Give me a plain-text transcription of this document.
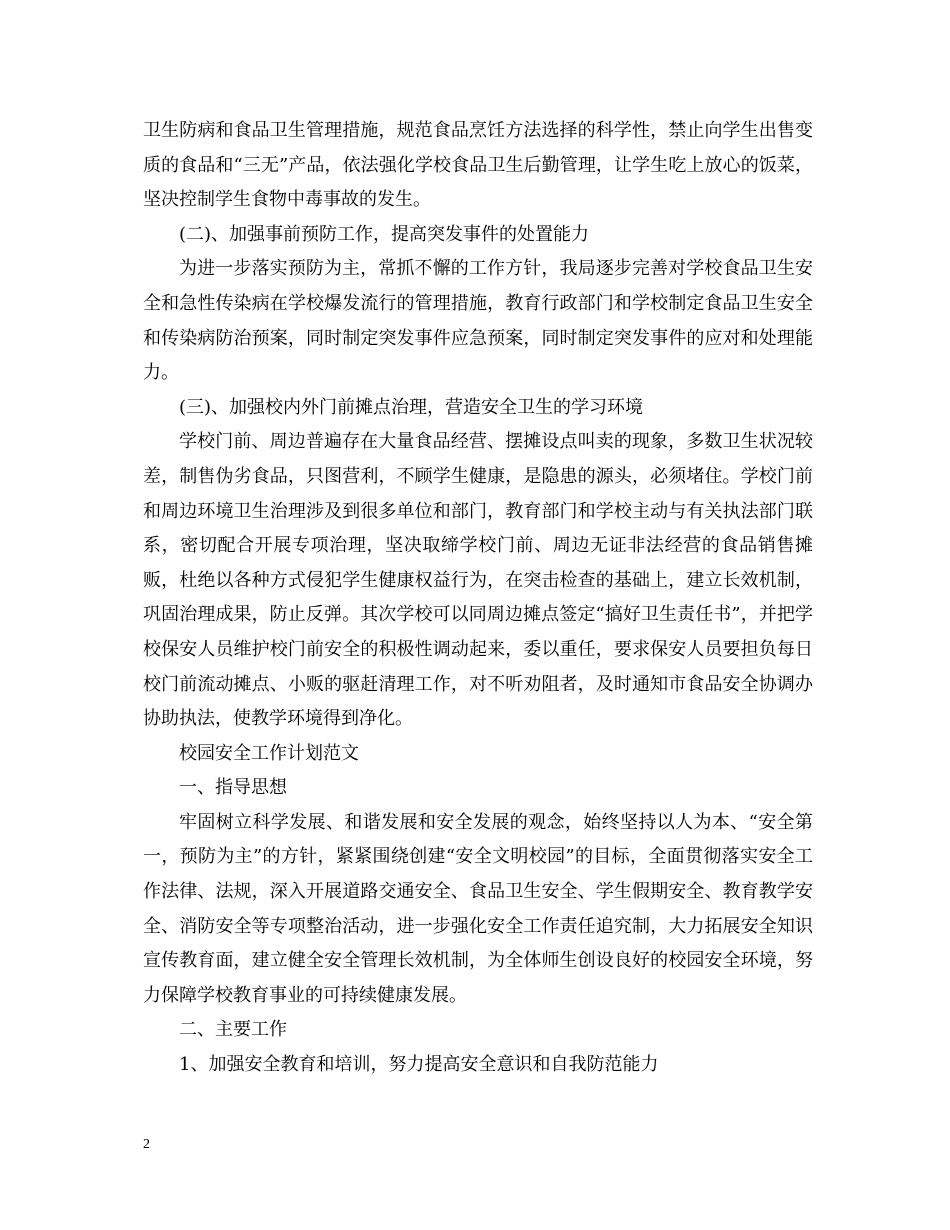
卫生防病和食品卫生管理措施，规范食品烹饪方法选择的科学性，禁止向学生出售变质的食品和“三无”产品，依法强化学校食品卫生后勤管理，让学生吃上放心的饭菜，坚决控制学生食物中毒事故的发生。

(二)、加强事前预防工作，提高突发事件的处置能力

为进一步落实预防为主，常抓不懈的工作方针，我局逐步完善对学校食品卫生安全和急性传染病在学校爆发流行的管理措施，教育行政部门和学校制定食品卫生安全和传染病防治预案，同时制定突发事件应急预案，同时制定突发事件的应对和处理能力。

(三)、加强校内外门前摊点治理，营造安全卫生的学习环境

学校门前、周边普遍存在大量食品经营、摆摊设点叫卖的现象，多数卫生状况较差，制售伪劣食品，只图营利，不顾学生健康，是隐患的源头，必须堵住。学校门前和周边环境卫生治理涉及到很多单位和部门，教育部门和学校主动与有关执法部门联系，密切配合开展专项治理，坚决取缔学校门前、周边无证非法经营的食品销售摊贩，杜绝以各种方式侵犯学生健康权益行为，在突击检查的基础上，建立长效机制，巩固治理成果，防止反弹。其次学校可以同周边摊点签定“搞好卫生责任书”，并把学校保安人员维护校门前安全的积极性调动起来，委以重任，要求保安人员要担负每日校门前流动摊点、小贩的驱赶清理工作，对不听劝阻者，及时通知市食品安全协调办协助执法，使教学环境得到净化。

校园安全工作计划范文

一、指导思想

牢固树立科学发展、和谐发展和安全发展的观念，始终坚持以人为本、“安全第一，预防为主”的方针，紧紧围绕创建“安全文明校园”的目标，全面贯彻落实安全工作法律、法规，深入开展道路交通安全、食品卫生安全、学生假期安全、教育教学安全、消防安全等专项整治活动，进一步强化安全工作责任追究制，大力拓展安全知识宣传教育面，建立健全安全管理长效机制，为全体师生创设良好的校园安全环境，努力保障学校教育事业的可持续健康发展。

二、主要工作

1、加强安全教育和培训，努力提高安全意识和自我防范能力

2
